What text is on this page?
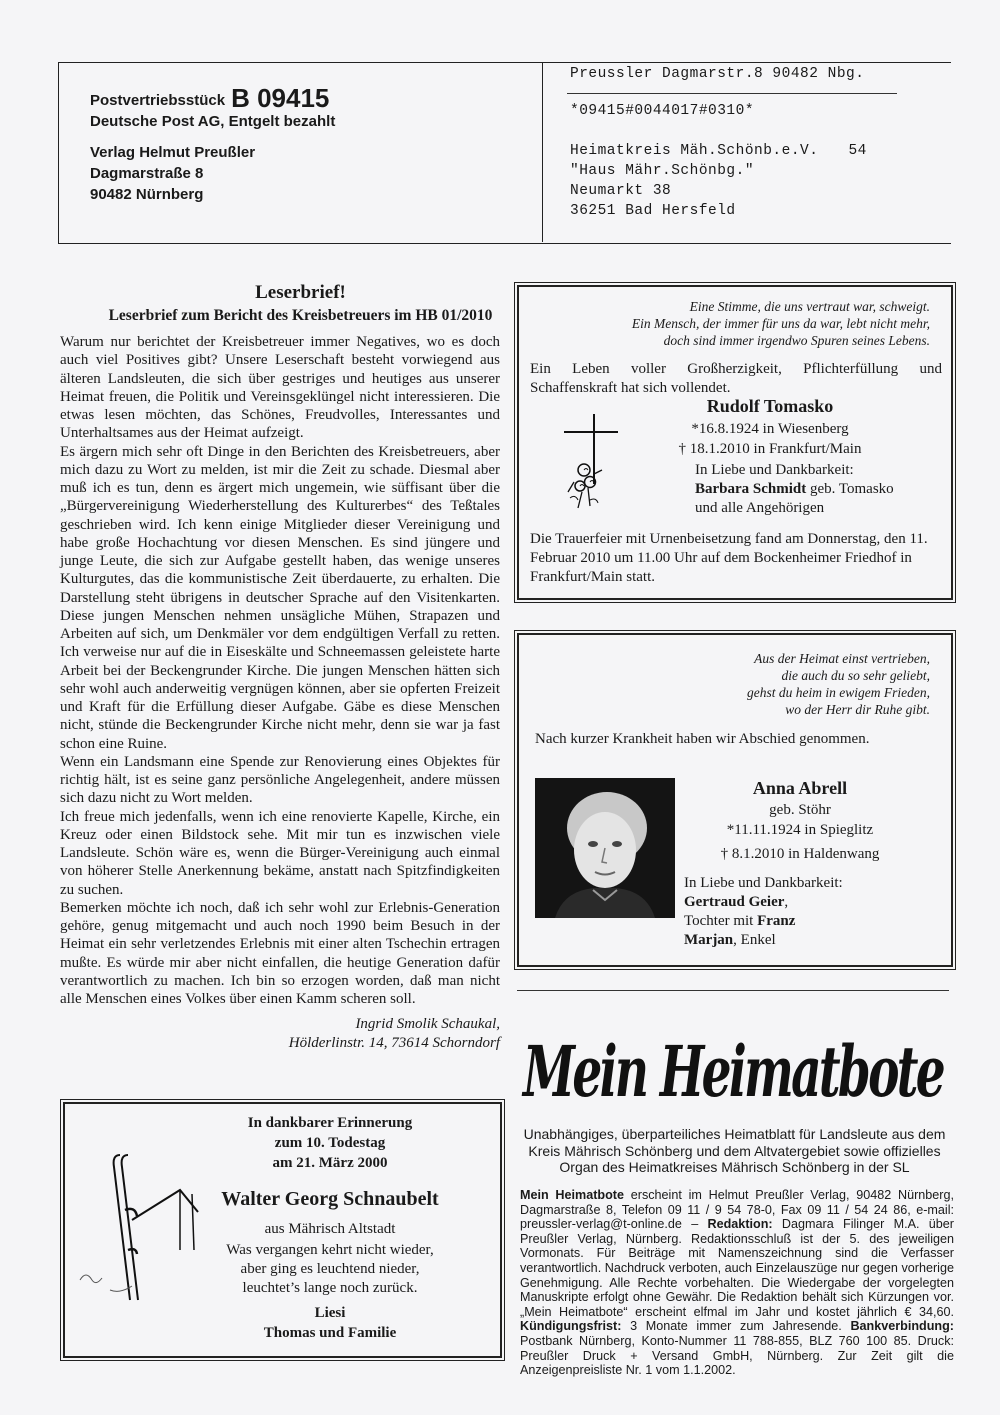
Postvertriebsstück B 09415
Deutsche Post AG, Entgelt bezahlt
Verlag Helmut Preußler
Dagmarstraße 8
90482 Nürnberg
Preussler Dagmarstr.8 90482 Nbg.
*09415#0044017#0310*
Heimatkreis Mäh.Schönb.e.V. 54
"Haus Mähr.Schönbg."
Neumarkt 38
36251 Bad Hersfeld
Leserbrief!
Leserbrief zum Bericht des Kreisbetreuers im HB 01/2010

Warum nur berichtet der Kreisbetreuer immer Negatives, wo es doch auch viel Positives gibt? Unsere Leserschaft besteht vorwiegend aus älteren Landsleuten, die sich über gestriges und heutiges aus unserer Heimat freuen, die Politik und Vereinsgeklüngel nicht interessieren. Die etwas lesen möchten, das Schönes, Freudvolles, Interessantes und Unterhaltsames aus der Heimat aufzeigt.

Es ärgern mich sehr oft Dinge in den Berichten des Kreisbetreuers, aber mich dazu zu Wort zu melden, ist mir die Zeit zu schade. Diesmal aber muß ich es tun, denn es ärgert mich ungemein, wie süffisant über die „Bürgervereinigung Wiederherstellung des Kulturerbes“ des Teßtales geschrieben wird. Ich kenn einige Mitglieder dieser Vereinigung und habe große Hochachtung vor diesen Menschen. Es sind jüngere und junge Leute, die sich zur Aufgabe gestellt haben, das wenige unseres Kulturgutes, das die kommunistische Zeit überdauerte, zu erhalten. Die Darstellung steht übrigens in deutscher Sprache auf den Visitenkarten. Diese jungen Menschen nehmen unsägliche Mühen, Strapazen und Arbeiten auf sich, um Denkmäler vor dem endgültigen Verfall zu retten. Ich verweise nur auf die in Eiseskälte und Schneemassen geleistete harte Arbeit bei der Beckengrunder Kirche. Die jungen Menschen hätten sich sehr wohl auch anderweitig vergnügen können, aber sie opferten Freizeit und Kraft für die Erfüllung dieser Aufgabe. Gäbe es diese Menschen nicht, stünde die Beckengrunder Kirche nicht mehr, denn sie war ja fast schon eine Ruine.

Wenn ein Landsmann eine Spende zur Renovierung eines Objektes für richtig hält, ist es seine ganz persönliche Angelegenheit, andere müssen sich dazu nicht zu Wort melden.

Ich freue mich jedenfalls, wenn ich eine renovierte Kapelle, Kirche, ein Kreuz oder einen Bildstock sehe. Mit mir tun es inzwischen viele Landsleute. Schön wäre es, wenn die Bürger-Vereinigung auch einmal von höherer Stelle Anerkennung bekäme, anstatt nach Spitzfindigkeiten zu suchen.

Bemerken möchte ich noch, daß ich sehr wohl zur Erlebnis-Generation gehöre, genug mitgemacht und auch noch 1990 beim Besuch in der Heimat ein sehr verletzendes Erlebnis mit einer alten Tschechin ertragen mußte. Es würde mir aber nicht einfallen, die heutige Generation dafür verantwortlich zu machen. Ich bin so erzogen worden, daß man nicht alle Menschen eines Volkes über einen Kamm scheren soll.

Ingrid Smolik Schaukal,
Hölderlinstr. 14, 73614 Schorndorf
Eine Stimme, die uns vertraut war, schweigt.
Ein Mensch, der immer für uns da war, lebt nicht mehr,
doch sind immer irgendwo Spuren seines Lebens.
Ein Leben voller Großherzigkeit, Pflichterfüllung und Schaffenskraft hat sich vollendet.
Rudolf Tomasko
*16.8.1924 in Wiesenberg
† 18.1.2010 in Frankfurt/Main
In Liebe und Dankbarkeit:
Barbara Schmidt geb. Tomasko
und alle Angehörigen
Die Trauerfeier mit Urnenbeisetzung fand am Donnerstag, den 11. Februar 2010 um 11.00 Uhr auf dem Bockenheimer Friedhof in Frankfurt/Main statt.
Aus der Heimat einst vertrieben,
die auch du so sehr geliebt,
gehst du heim in ewigem Frieden,
wo der Herr dir Ruhe gibt.
Nach kurzer Krankheit haben wir Abschied genommen.
Anna Abrell
geb. Stöhr
*11.11.1924 in Spieglitz
† 8.1.2010 in Haldenwang
In Liebe und Dankbarkeit:
Gertraud Geier,
Tochter mit Franz
Marjan, Enkel
Mein Heimatbote
Unabhängiges, überparteiliches Heimatblatt für Landsleute aus dem Kreis Mährisch Schönberg und dem Altvatergebiet sowie offizielles Organ des Heimatkreises Mährisch Schönberg in der SL
Mein Heimatbote erscheint im Helmut Preußler Verlag, 90482 Nürnberg, Dagmarstraße 8, Telefon 09 11 / 9 54 78-0, Fax 09 11 / 54 24 86, e-mail: preussler-verlag@t-online.de – Redaktion: Dagmara Filinger M.A. über Preußler Verlag, Nürnberg. Redaktionsschluß ist der 5. des jeweiligen Vormonats. Für Beiträge mit Namenszeichnung sind die Verfasser verantwortlich. Nachdruck verboten, auch Einzelauszüge nur gegen vorherige Genehmigung. Alle Rechte vorbehalten. Die Wiedergabe der vorgelegten Manuskripte erfolgt ohne Gewähr. Die Redaktion behält sich Kürzungen vor. „Mein Heimatbote“ erscheint elfmal im Jahr und kostet jährlich € 34,60. Kündigungsfrist: 3 Monate immer zum Jahresende. Bankverbindung: Postbank Nürnberg, Konto-Nummer 11 788-855, BLZ 760 100 85. Druck: Preußler Druck + Versand GmbH, Nürnberg. Zur Zeit gilt die Anzeigenpreisliste Nr. 1 vom 1.1.2002.
In dankbarer Erinnerung
zum 10. Todestag
am 21. März 2000
Walter Georg Schnaubelt
aus Mährisch Altstadt
Was vergangen kehrt nicht wieder,
aber ging es leuchtend nieder,
leuchtet’s lange noch zurück.
Liesi
Thomas und Familie
